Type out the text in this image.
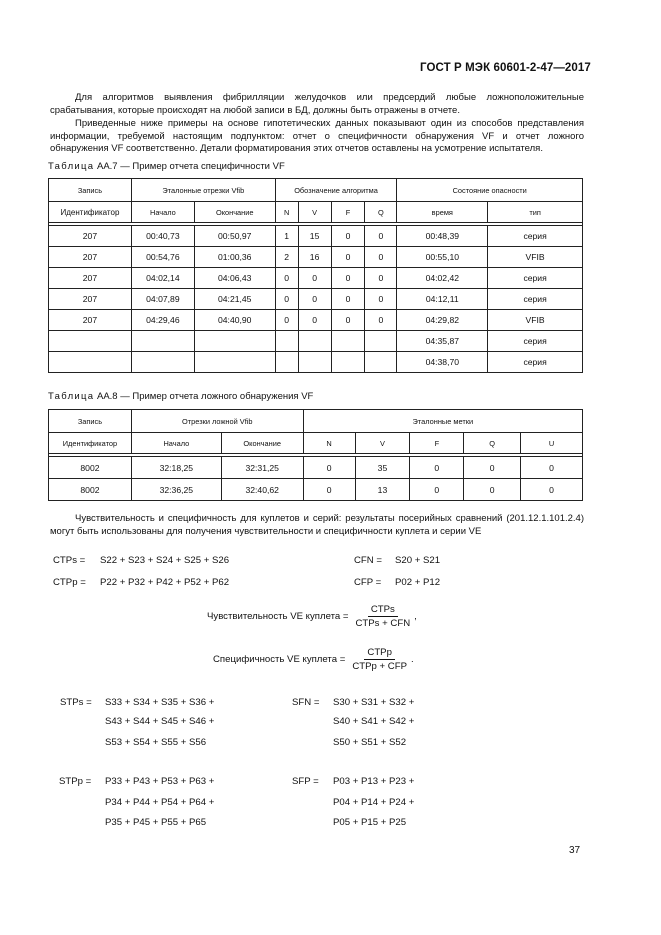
ГОСТ Р МЭК 60601-2-47—2017
Для алгоритмов выявления фибрилляции желудочков или предсердий любые ложноположительные срабатывания, которые происходят на любой записи в БД, должны быть отражены в отчете.
Приведенные ниже примеры на основе гипотетических данных показывают один из способов представления информации, требуемой настоящим подпунктом: отчет о специфичности обнаружения VF и отчет ложного обнаружения VF соответственно. Детали форматирования этих отчетов оставлены на усмотрение испытателя.
Таблица АА.7 — Пример отчета специфичности VF
Запись	Эталонные отрезки Vfib		Обозначение алгоритма				Состояние опасности	
Идентификатор	Начало	Окончание	N	V	F	Q	время	тип

207	00:40,73	00:50,97	1	15	0	0	00:48,39	серия
207	00:54,76	01:00,36	2	16	0	0	00:55,10	VFIB
207	04:02,14	04:06,43	0	0	0	0	04:02,42	серия
207	04:07,89	04:21,45	0	0	0	0	04:12,11	серия
207	04:29,46	04:40,90	0	0	0	0	04:29,82	VFIB
							04:35,87	серия
							04:38,70	серия
Таблица АА.8 — Пример отчета ложного обнаружения VF
Запись	Отрезки ложной Vfib		Эталонные метки				
Идентификатор	Начало	Окончание	N	V	F	Q	U

8002	32:18,25	32:31,25	0	35	0	0	0
8002	32:36,25	32:40,62	0	13	0	0	0
Чувствительность и специфичность для куплетов и серий: результаты посерийных сравнений (201.12.1.101.2.4) могут быть использованы для получения чувствительности и специфичности куплета и серии VE
CTPs = S22 + S23 + S24 + S25 + S26
CTPp = P22 + P32 + P42 + P52 + P62
CFN = S20 + S21
CFP = P02 + P12
Чувствительность VE куплета = $\frac{\text{CTPs}}{\text{CTPs + CFN}}$ ,
Специфичность VE куплета = $\frac{\text{CTPp}}{\text{CTPp + CFP}}$ .
STPs = S33 + S34 + S35 + S36 +
S43 + S44 + S45 + S46 +
S53 + S54 + S55 + S56
SFN = S30 + S31 + S32 +
S40 + S41 + S42 +
S50 + S51 + S52
STPp = P33 + P43 + P53 + P63 +
P34 + P44 + P54 + P64 +
P35 + P45 + P55 + P65
SFP = P03 + P13 + P23 +
P04 + P14 + P24 +
P05 + P15 + P25
37
